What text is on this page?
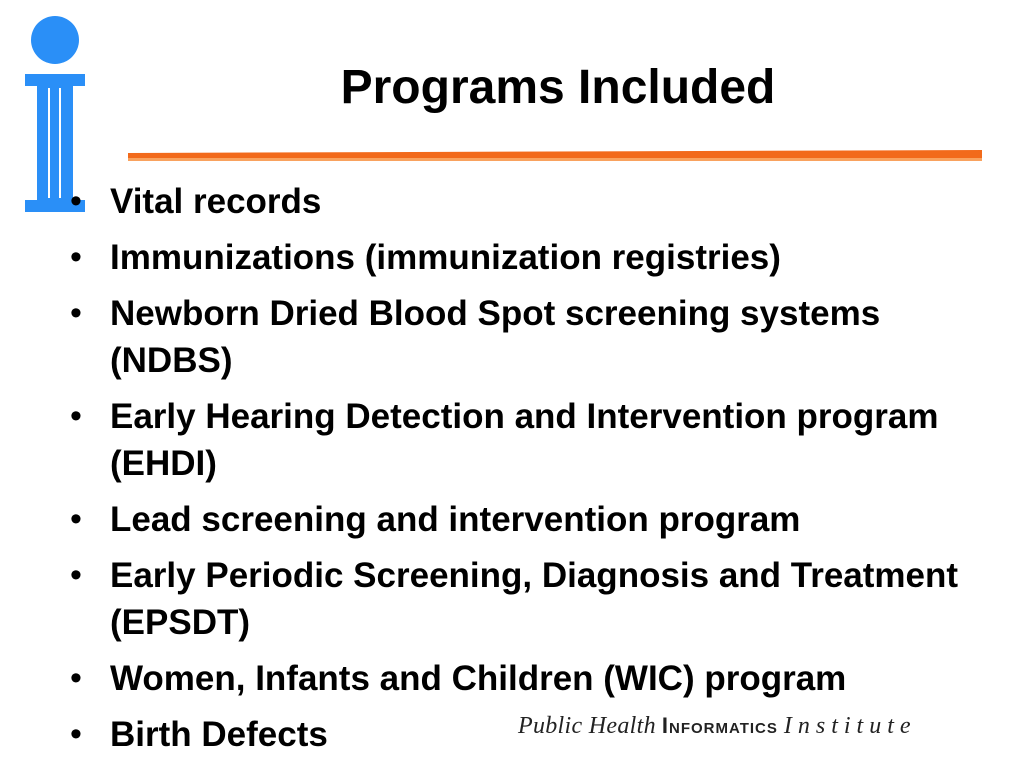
Programs Included
• Vital records
• Immunizations (immunization registries)
• Newborn Dried Blood Spot screening systems (NDBS)
• Early Hearing Detection and Intervention program (EHDI)
• Lead screening and intervention program
• Early Periodic Screening, Diagnosis and Treatment (EPSDT)
• Women, Infants and Children (WIC) program
• Birth Defects	Public Health Informatics Institute
